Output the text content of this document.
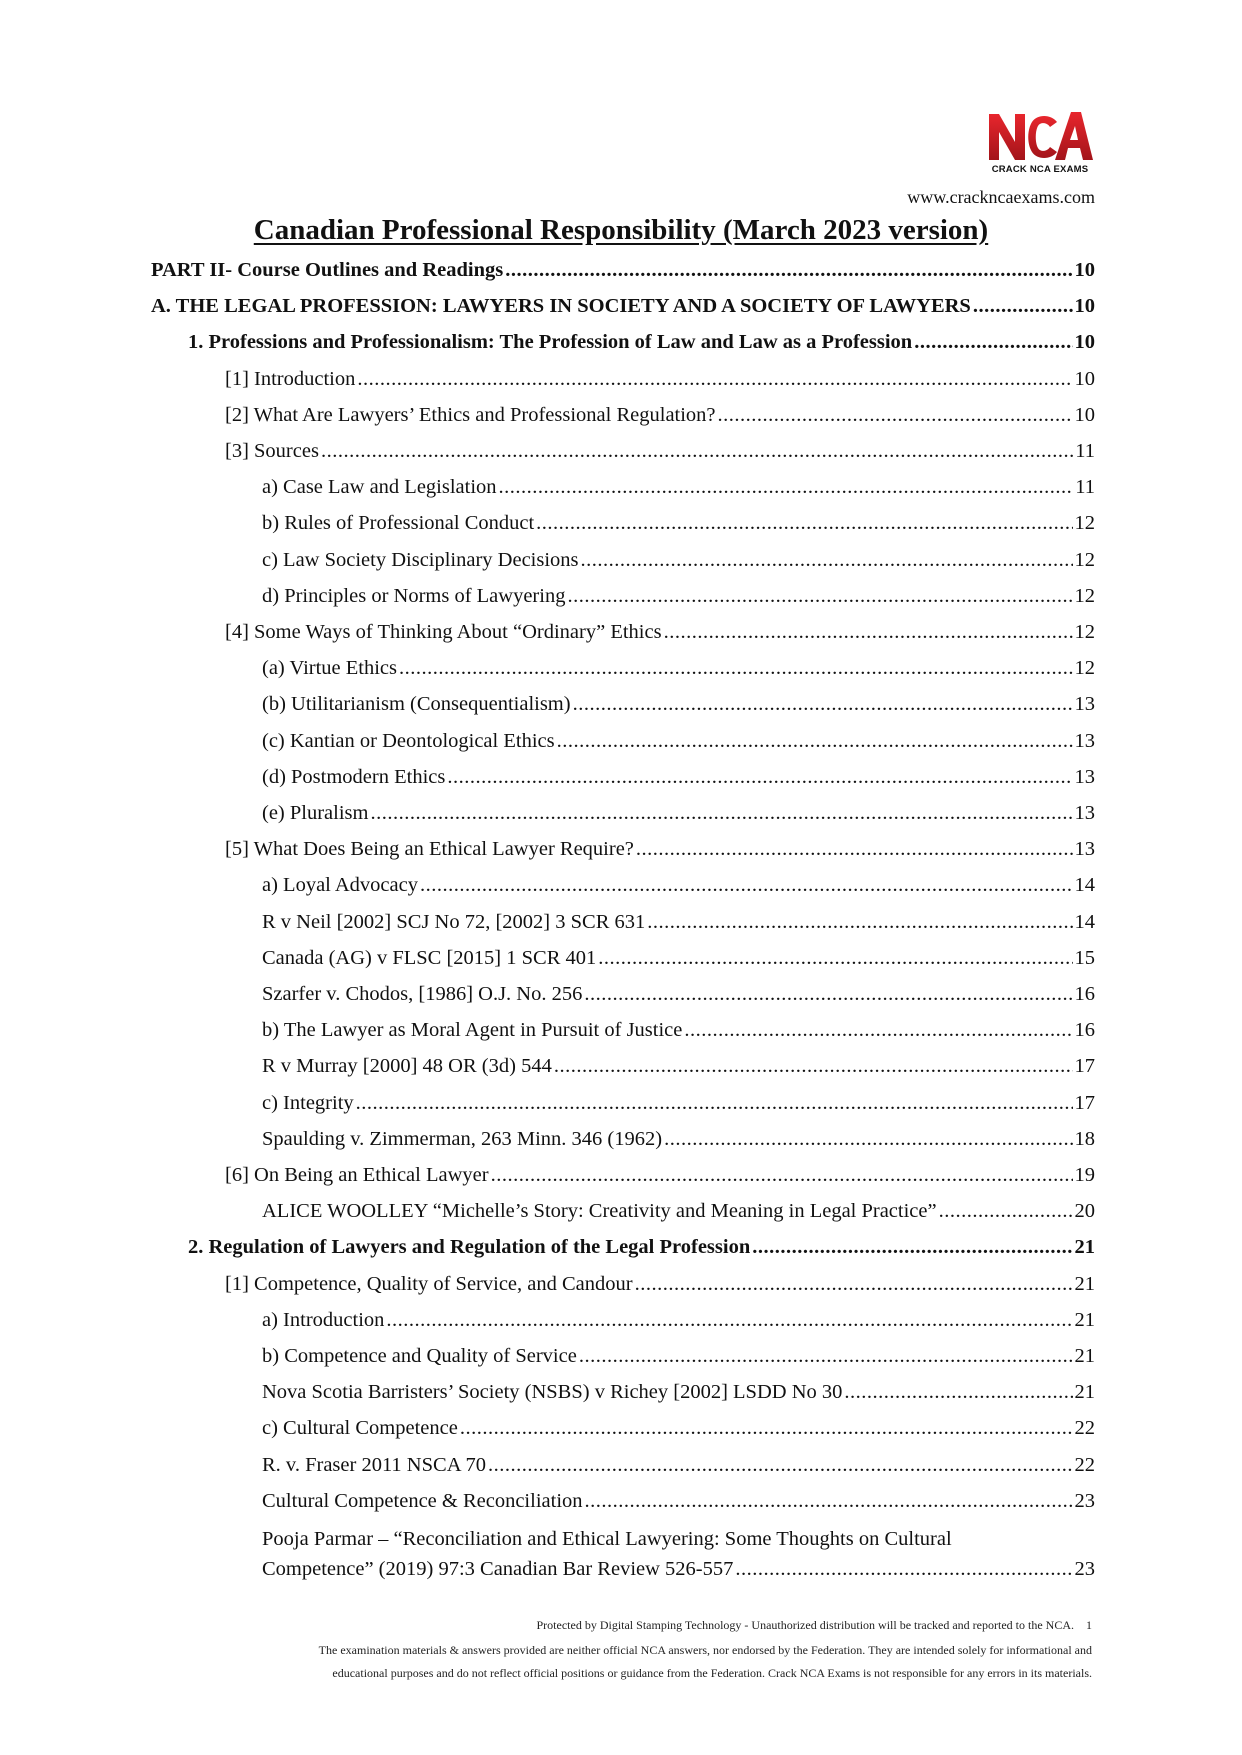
CRACK NCA EXAMS
www.crackncaexams.com
Canadian Professional Responsibility (March 2023 version)
PART II- Course Outlines and Readings .....	10
A. THE LEGAL PROFESSION: LAWYERS IN SOCIETY AND A SOCIETY OF LAWYERS .....	10
1. Professions and Professionalism: The Profession of Law and Law as a Profession .....	10
[1] Introduction .....	10
[2] What Are Lawyers’ Ethics and Professional Regulation? .....	10
[3] Sources .....	11
a) Case Law and Legislation .....	11
b) Rules of Professional Conduct .....	12
c) Law Society Disciplinary Decisions .....	12
d) Principles or Norms of Lawyering .....	12
[4] Some Ways of Thinking About “Ordinary” Ethics .....	12
(a) Virtue Ethics .....	12
(b) Utilitarianism (Consequentialism) .....	13
(c) Kantian or Deontological Ethics .....	13
(d) Postmodern Ethics .....	13
(e) Pluralism .....	13
[5] What Does Being an Ethical Lawyer Require? .....	13
a) Loyal Advocacy .....	14
R v Neil [2002] SCJ No 72, [2002] 3 SCR 631 .....	14
Canada (AG) v FLSC [2015] 1 SCR 401 .....	15
Szarfer v. Chodos, [1986] O.J. No. 256 .....	16
b) The Lawyer as Moral Agent in Pursuit of Justice .....	16
R v Murray [2000] 48 OR (3d) 544 .....	17
c) Integrity .....	17
Spaulding v. Zimmerman, 263 Minn. 346 (1962) .....	18
[6] On Being an Ethical Lawyer .....	19
ALICE WOOLLEY “Michelle’s Story: Creativity and Meaning in Legal Practice” .....	20
2. Regulation of Lawyers and Regulation of the Legal Profession .....	21
[1] Competence, Quality of Service, and Candour .....	21
a) Introduction .....	21
b) Competence and Quality of Service .....	21
Nova Scotia Barristers’ Society (NSBS) v Richey [2002] LSDD No 30 .....	21
c) Cultural Competence .....	22
R. v. Fraser 2011 NSCA 70 .....	22
Cultural Competence & Reconciliation .....	23
Pooja Parmar – “Reconciliation and Ethical Lawyering: Some Thoughts on Cultural
Competence” (2019) 97:3 Canadian Bar Review 526-557 .....	23
Protected by Digital Stamping Technology - Unauthorized distribution will be tracked and reported to the NCA. 1
The examination materials & answers provided are neither official NCA answers, nor endorsed by the Federation. They are intended solely for informational and
educational purposes and do not reflect official positions or guidance from the Federation. Crack NCA Exams is not responsible for any errors in its materials.
